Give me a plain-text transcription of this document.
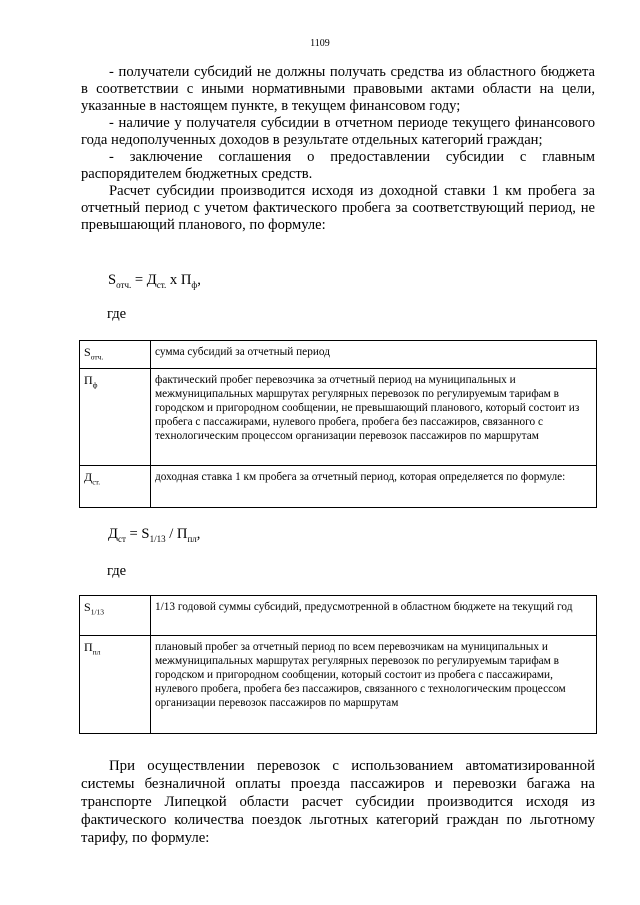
1109

- получатели субсидий не должны получать средства из областного бюджета в соответствии с иными нормативными правовыми актами области на цели, указанные в настоящем пункте, в текущем финансовом году;

- наличие у получателя субсидии в отчетном периоде текущего финансового года недополученных доходов в результате отдельных категорий граждан;

- заключение соглашения о предоставлении субсидии с главным распорядителем бюджетных средств.

Расчет субсидии производится исходя из доходной ставки 1 км пробега за отчетный период с учетом фактического пробега за соответствующий период, не превышающий планового, по формуле:

$S_{отч.} = Д_{ст.}$ х $П_ф$,
где
$S_{отч.}$	сумма субсидий за отчетный период
$П_ф$	фактический пробег перевозчика за отчетный период на муниципальных и межмуниципальных маршрутах регулярных перевозок по регулируемым тарифам в городском и пригородном сообщении, не превышающий планового, который состоит из пробега с пассажирами, нулевого пробега, пробега без пассажиров, связанного с технологическим процессом организации перевозок пассажиров по маршрутам
$Д_{ст.}$	доходная ставка 1 км пробега за отчетный период, которая определяется по формуле:
$Д_{ст} = S_{1/13} / П_{пл}$,
где
$S_{1/13}$	1/13 годовой суммы субсидий, предусмотренной в областном бюджете на текущий год
$П_{пл}$	плановый пробег за отчетный период по всем перевозчикам на муниципальных и межмуниципальных маршрутах регулярных перевозок по регулируемым тарифам в городском и пригородном сообщении, который состоит из пробега с пассажирами, нулевого пробега, пробега без пассажиров, связанного с технологическим процессом организации перевозок пассажиров по маршрутам

При осуществлении перевозок с использованием автоматизированной системы безналичной оплаты проезда пассажиров и перевозки багажа на транспорте Липецкой области расчет субсидии производится исходя из фактического количества поездок льготных категорий граждан по льготному тарифу, по формуле:
